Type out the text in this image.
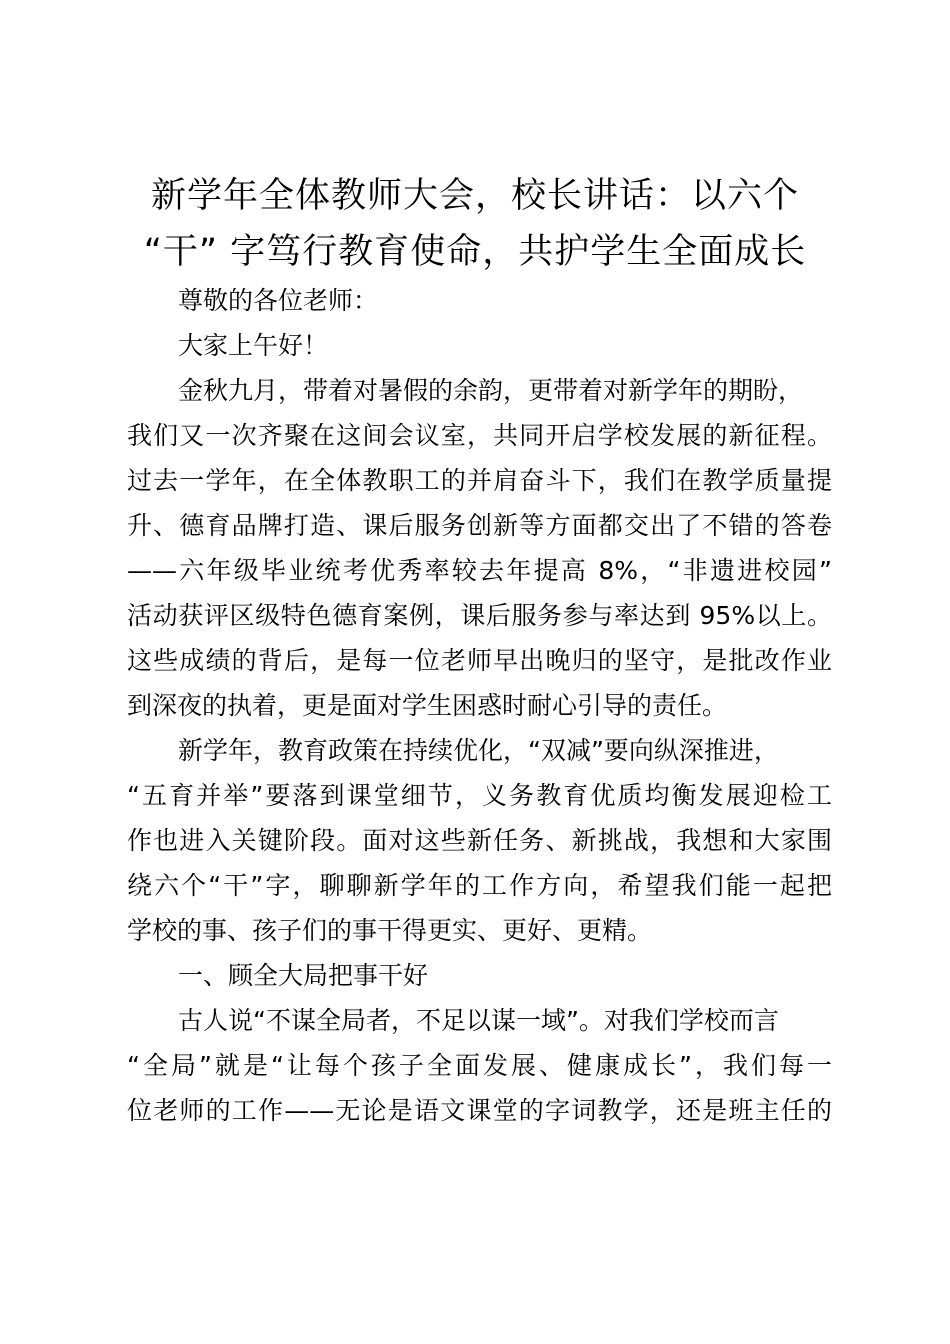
新学年全体教师大会，校长讲话：以六个
“干” 字笃行教育使命，共护学生全面成长
尊敬的各位老师：
大家上午好！
金秋九月，带着对暑假的余韵，更带着对新学年的期盼，
我们又一次齐聚在这间会议室，共同开启学校发展的新征程。
过去一学年，在全体教职工的并肩奋斗下，我们在教学质量提
升、德育品牌打造、课后服务创新等方面都交出了不错的答卷
——六年级毕业统考优秀率较去年提高 8%，“非遗进校园”
活动获评区级特色德育案例，课后服务参与率达到 95%以上。
这些成绩的背后，是每一位老师早出晚归的坚守，是批改作业
到深夜的执着，更是面对学生困惑时耐心引导的责任。
新学年，教育政策在持续优化，“双减”要向纵深推进，
“五育并举”要落到课堂细节，义务教育优质均衡发展迎检工
作也进入关键阶段。面对这些新任务、新挑战，我想和大家围
绕六个“干”字，聊聊新学年的工作方向，希望我们能一起把
学校的事、孩子们的事干得更实、更好、更精。
一、顾全大局把事干好
古人说“不谋全局者，不足以谋一域”。对我们学校而言
“全局”就是“让每个孩子全面发展、健康成长”，我们每一
位老师的工作——无论是语文课堂的字词教学，还是班主任的
